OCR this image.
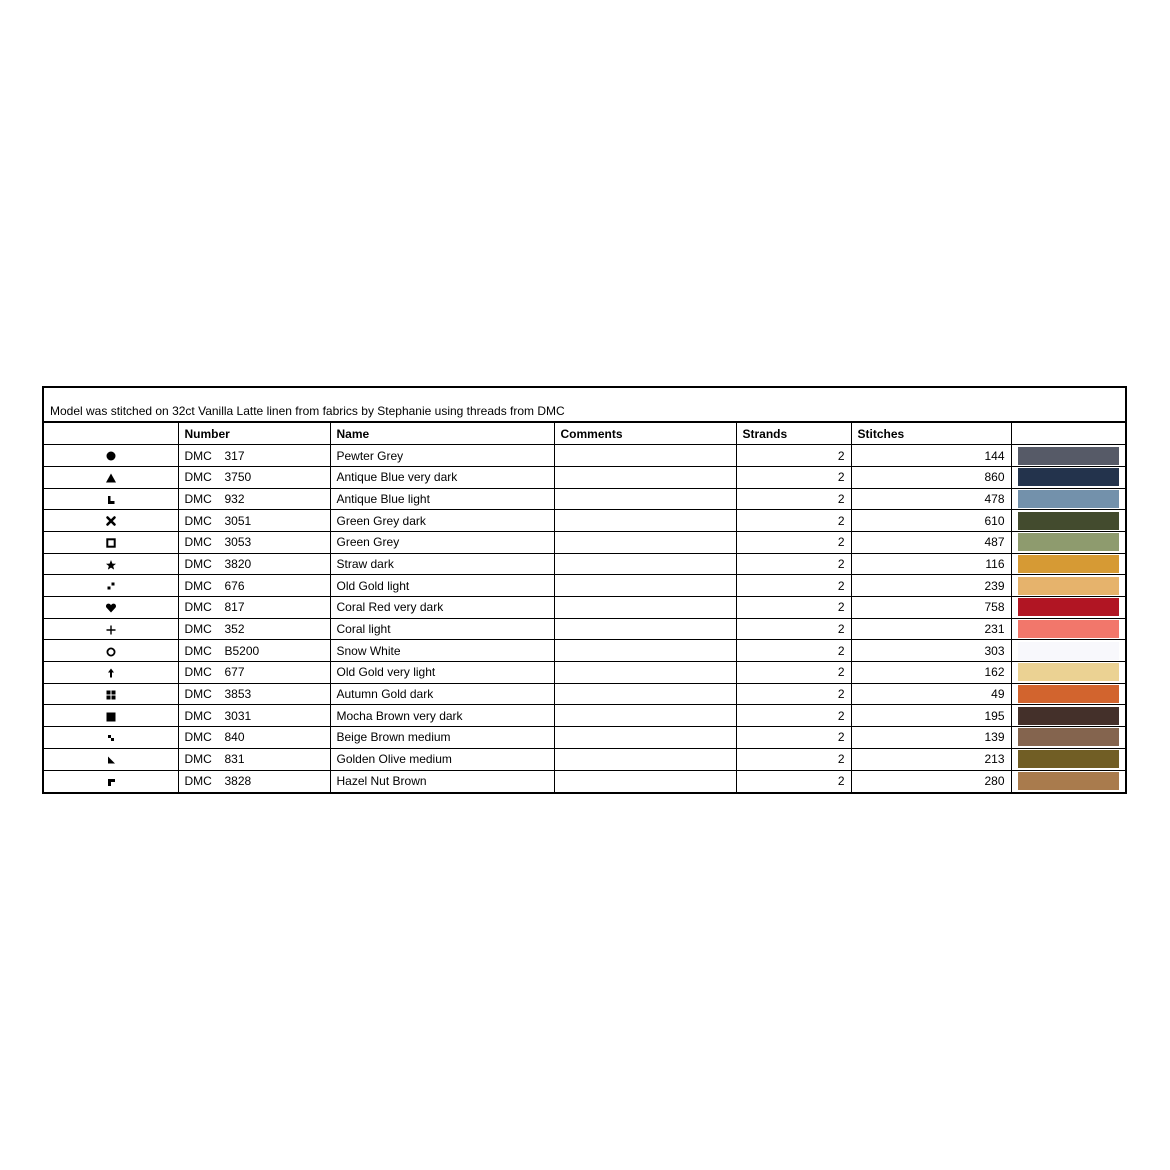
Model was stitched on 32ct Vanilla Latte linen from fabrics by Stephanie using threads from DMC
	Number	Name	Comments	Strands	Stitches	

	DMC 317	Pewter Grey		2	144	

	DMC 3750	Antique Blue very dark		2	860	

	DMC 932	Antique Blue light		2	478	

	DMC 3051	Green Grey dark		2	610	

	DMC 3053	Green Grey		2	487	

	DMC 3820	Straw dark		2	116	

	DMC 676	Old Gold light		2	239	

	DMC 817	Coral Red very dark		2	758	

	DMC 352	Coral light		2	231	

	DMC B5200	Snow White		2	303	

	DMC 677	Old Gold very light		2	162	

	DMC 3853	Autumn Gold dark		2	49	

	DMC 3031	Mocha Brown very dark		2	195	

	DMC 840	Beige Brown medium		2	139	

	DMC 831	Golden Olive medium		2	213	

	DMC 3828	Hazel Nut Brown		2	280	
